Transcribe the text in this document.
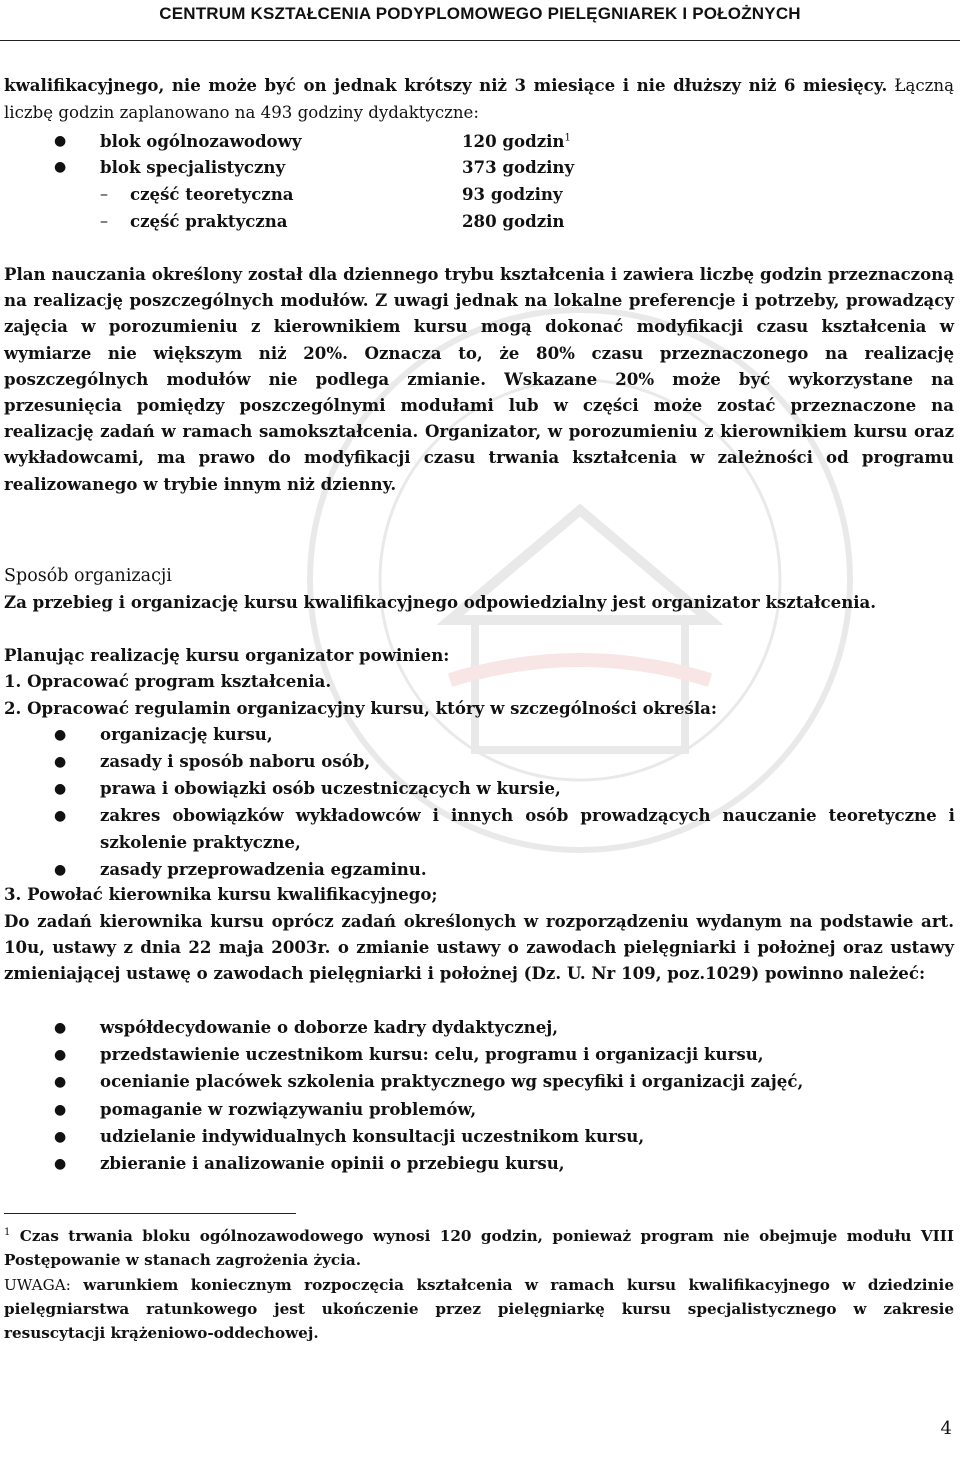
CENTRUM KSZTAŁCENIA PODYPLOMOWEGO PIELĘGNIAREK I POŁOŻNYCH
kwalifikacyjnego, nie może być on jednak krótszy niż 3 miesiące i nie dłuższy niż 6 miesięcy. Łączną liczbę godzin zaplanowano na 493 godziny dydaktyczne:
● blok ogólnozawodowy	120 godzin$^1$
● blok specjalistyczny	373 godziny
– część teoretyczna	93 godziny
– część praktyczna	280 godzin
Plan nauczania określony został dla dziennego trybu kształcenia i zawiera liczbę godzin przeznaczoną na realizację poszczególnych modułów. Z uwagi jednak na lokalne preferencje i potrzeby, prowadzący zajęcia w porozumieniu z kierownikiem kursu mogą dokonać modyfikacji czasu kształcenia w wymiarze nie większym niż 20%. Oznacza to, że 80% czasu przeznaczonego na realizację poszczególnych modułów nie podlega zmianie. Wskazane 20% może być wykorzystane na przesunięcia pomiędzy poszczególnymi modułami lub w części może zostać przeznaczone na realizację zadań w ramach samokształcenia. Organizator, w porozumieniu z kierownikiem kursu oraz wykładowcami, ma prawo do modyfikacji czasu trwania kształcenia w zależności od programu realizowanego w trybie innym niż dzienny.
Sposób organizacji
Za przebieg i organizację kursu kwalifikacyjnego odpowiedzialny jest organizator kształcenia.
Planując realizację kursu organizator powinien:
1. Opracować program kształcenia.
2. Opracować regulamin organizacyjny kursu, który w szczególności określa:
● organizację kursu,
● zasady i sposób naboru osób,
● prawa i obowiązki osób uczestniczących w kursie,
● zakres obowiązków wykładowców i innych osób prowadzących nauczanie teoretyczne i szkolenie praktyczne,
● zasady przeprowadzenia egzaminu.
3. Powołać kierownika kursu kwalifikacyjnego;
Do zadań kierownika kursu oprócz zadań określonych w rozporządzeniu wydanym na podstawie art. 10u, ustawy z dnia 22 maja 2003r. o zmianie ustawy o zawodach pielęgniarki i położnej oraz ustawy zmieniającej ustawę o zawodach pielęgniarki i położnej (Dz. U. Nr 109, poz.1029) powinno należeć:
● współdecydowanie o doborze kadry dydaktycznej,
● przedstawienie uczestnikom kursu: celu, programu i organizacji kursu,
● ocenianie placówek szkolenia praktycznego wg specyfiki i organizacji zajęć,
● pomaganie w rozwiązywaniu problemów,
● udzielanie indywidualnych konsultacji uczestnikom kursu,
● zbieranie i analizowanie opinii o przebiegu kursu,
$^1$ Czas trwania bloku ogólnozawodowego wynosi 120 godzin, ponieważ program nie obejmuje modułu VIII Postępowanie w stanach zagrożenia życia.
UWAGA: warunkiem koniecznym rozpoczęcia kształcenia w ramach kursu kwalifikacyjnego w dziedzinie pielęgniarstwa ratunkowego jest ukończenie przez pielęgniarkę kursu specjalistycznego w zakresie resuscytacji krążeniowo-oddechowej.
4
